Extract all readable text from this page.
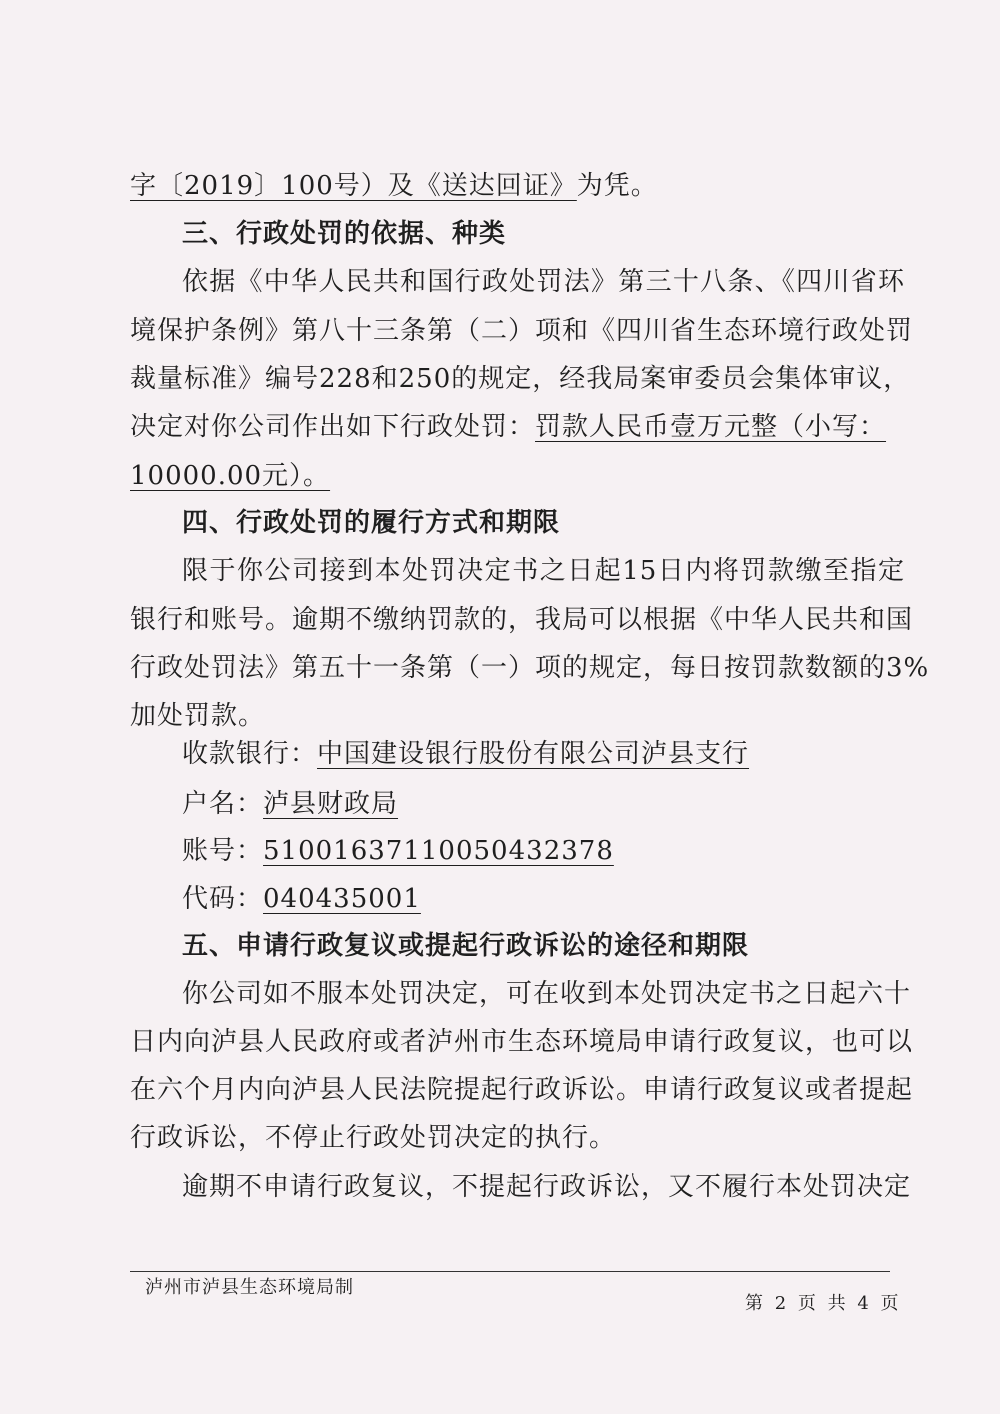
字〔2019〕100号）及《送达回证》为凭。
三、行政处罚的依据、种类
依据《中华人民共和国行政处罚法》第三十八条、《四川省环
境保护条例》第八十三条第（二）项和《四川省生态环境行政处罚
裁量标准》编号228和250的规定，经我局案审委员会集体审议，
决定对你公司作出如下行政处罚：罚款人民币壹万元整（小写：
10000.00元）。
四、行政处罚的履行方式和期限
限于你公司接到本处罚决定书之日起15日内将罚款缴至指定
银行和账号。逾期不缴纳罚款的，我局可以根据《中华人民共和国
行政处罚法》第五十一条第（一）项的规定，每日按罚款数额的3%
加处罚款。
收款银行：中国建设银行股份有限公司泸县支行
户名：泸县财政局
账号：51001637110050432378
代码：040435001
五、申请行政复议或提起行政诉讼的途径和期限
你公司如不服本处罚决定，可在收到本处罚决定书之日起六十
日内向泸县人民政府或者泸州市生态环境局申请行政复议，也可以
在六个月内向泸县人民法院提起行政诉讼。申请行政复议或者提起
行政诉讼，不停止行政处罚决定的执行。
逾期不申请行政复议，不提起行政诉讼，又不履行本处罚决定
泸州市泸县生态环境局制
第 2 页 共 4 页
